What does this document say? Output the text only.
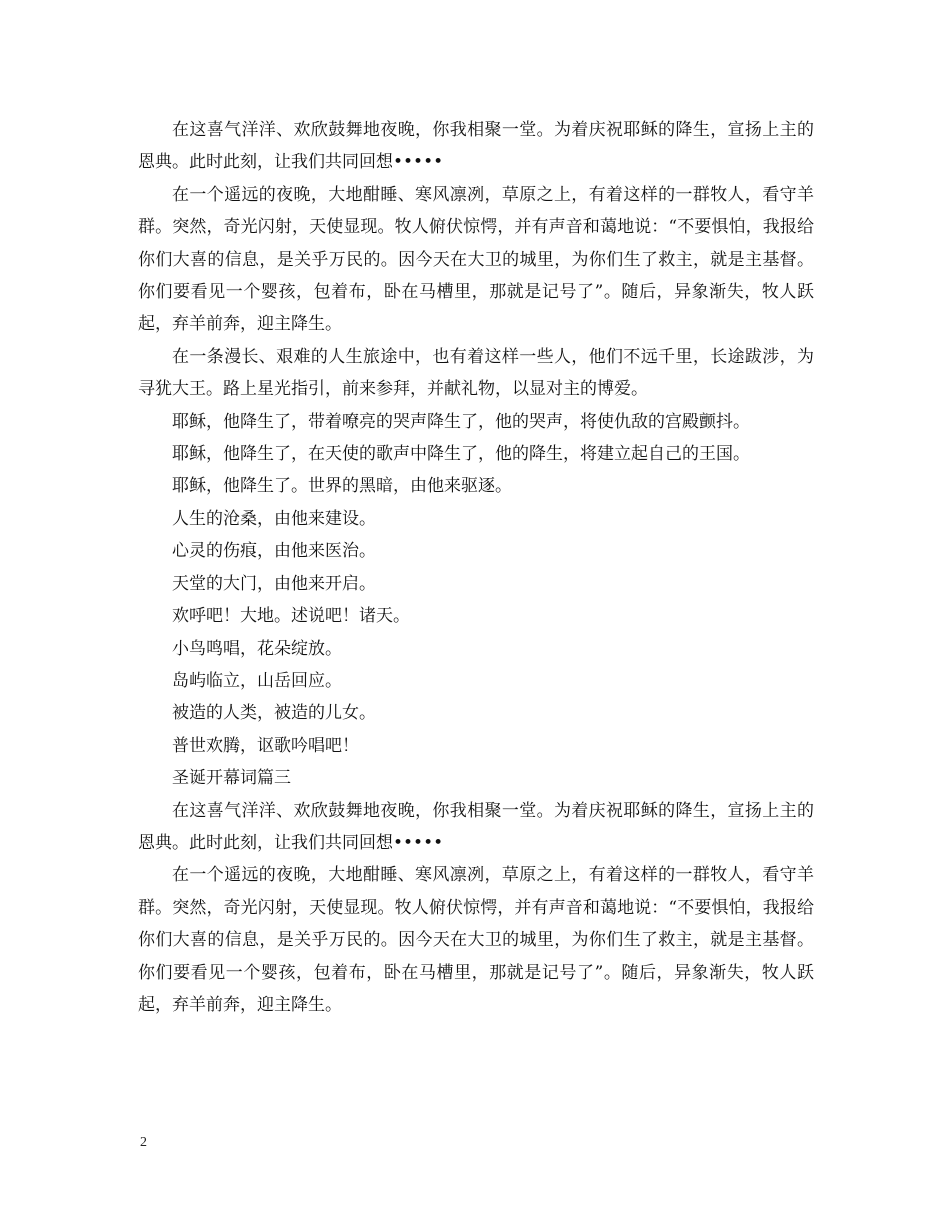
在这喜气洋洋、欢欣鼓舞地夜晚，你我相聚一堂。为着庆祝耶稣的降生，宣扬上主的恩典。此时此刻，让我们共同回想•••••

在一个遥远的夜晚，大地酣睡、寒风凛冽，草原之上，有着这样的一群牧人，看守羊群。突然，奇光闪射，天使显现。牧人俯伏惊愕，并有声音和蔼地说：“不要惧怕，我报给你们大喜的信息，是关乎万民的。因今天在大卫的城里，为你们生了救主，就是主基督。你们要看见一个婴孩，包着布，卧在马槽里，那就是记号了”。随后，异象渐失，牧人跃起，弃羊前奔，迎主降生。

在一条漫长、艰难的人生旅途中，也有着这样一些人，他们不远千里，长途跋涉，为寻犹大王。路上星光指引，前来参拜，并献礼物，以显对主的博爱。

耶稣，他降生了，带着嘹亮的哭声降生了，他的哭声，将使仇敌的宫殿颤抖。

耶稣，他降生了，在天使的歌声中降生了，他的降生，将建立起自己的王国。

耶稣，他降生了。世界的黑暗，由他来驱逐。

人生的沧桑，由他来建设。

心灵的伤痕，由他来医治。

天堂的大门，由他来开启。

欢呼吧！大地。述说吧！诸天。

小鸟鸣唱，花朵绽放。

岛屿临立，山岳回应。

被造的人类，被造的儿女。

普世欢腾，讴歌吟唱吧！

圣诞开幕词篇三

在这喜气洋洋、欢欣鼓舞地夜晚，你我相聚一堂。为着庆祝耶稣的降生，宣扬上主的恩典。此时此刻，让我们共同回想•••••

在一个遥远的夜晚，大地酣睡、寒风凛冽，草原之上，有着这样的一群牧人，看守羊群。突然，奇光闪射，天使显现。牧人俯伏惊愕，并有声音和蔼地说：“不要惧怕，我报给你们大喜的信息，是关乎万民的。因今天在大卫的城里，为你们生了救主，就是主基督。你们要看见一个婴孩，包着布，卧在马槽里，那就是记号了”。随后，异象渐失，牧人跃起，弃羊前奔，迎主降生。

2
